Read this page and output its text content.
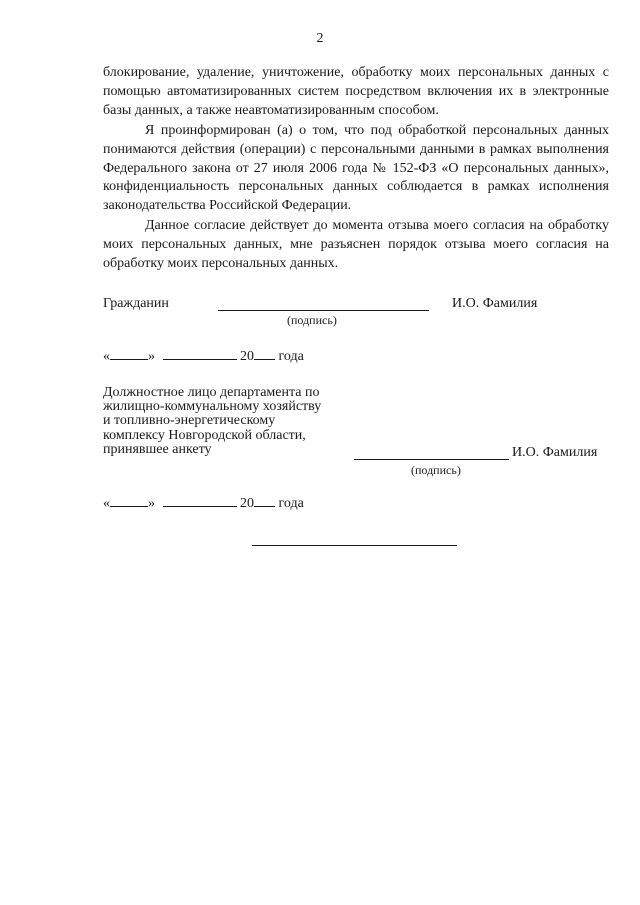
2

блокирование, удаление, уничтожение, обработку моих персональных данных с помощью автоматизированных систем посредством включения их в электронные базы данных, а также неавтоматизированным способом.

Я проинформирован (а) о том, что под обработкой персональных данных понимаются действия (операции) с персональными данными в рамках выполнения Федерального закона от 27 июля 2006 года № 152-ФЗ «О персональных данных», конфиденциальность персональных данных соблюдается в рамках исполнения законодательства Российской Федерации.

Данное согласие действует до момента отзыва моего согласия на обработку моих персональных данных, мне разъяснен порядок отзыва моего согласия на обработку моих персональных данных.

Гражданин
(подпись)
И.О. Фамилия
«	»	20 года
Должностное лицо департамента по
жилищно-коммунальному хозяйству
и топливно-энергетическому
комплексу Новгородской области,
принявшее анкету	И.О. Фамилия
(подпись)
«	»	20 года
